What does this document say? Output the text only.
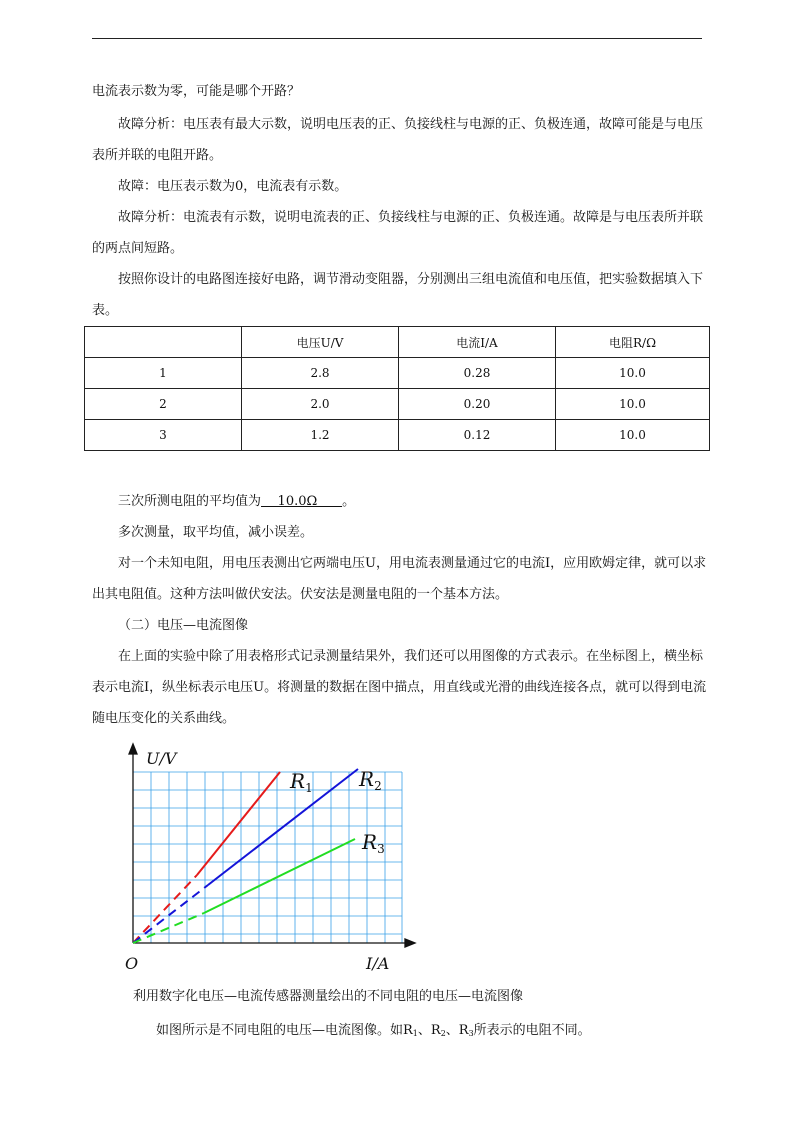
电流表示数为零，可能是哪个开路？

故障分析：电压表有最大示数，说明电压表的正、负接线柱与电源的正、负极连通，故障可能是与电压表所并联的电阻开路。

故障：电压表示数为0，电流表有示数。

故障分析：电流表有示数，说明电流表的正、负接线柱与电源的正、负极连通。故障是与电压表所并联的两点间短路。

按照你设计的电路图连接好电路，调节滑动变阻器，分别测出三组电流值和电压值，把实验数据填入下表。

	电压U/V	电流I/A	电阻R/Ω
1	2.8	0.28	10.0
2	2.0	0.20	10.0
3	1.2	0.12	10.0

三次所测电阻的平均值为    10.0Ω      。

多次测量，取平均值，减小误差。

对一个未知电阻，用电压表测出它两端电压U，用电流表测量通过它的电流I，应用欧姆定律，就可以求出其电阻值。这种方法叫做伏安法。伏安法是测量电阻的一个基本方法。

（二）电压—电流图像

在上面的实验中除了用表格形式记录测量结果外，我们还可以用图像的方式表示。在坐标图上，横坐标表示电流I，纵坐标表示电压U。将测量的数据在图中描点，用直线或光滑的曲线连接各点，就可以得到电流随电压变化的关系曲线。

U/V
I/A
O
$R_1$ $R_2$
$R_3$
利用数字化电压—电流传感器测量绘出的不同电阻的电压—电流图像

如图所示是不同电阻的电压—电流图像。如$R_1$、$R_2$、$R_3$所表示的电阻不同。
